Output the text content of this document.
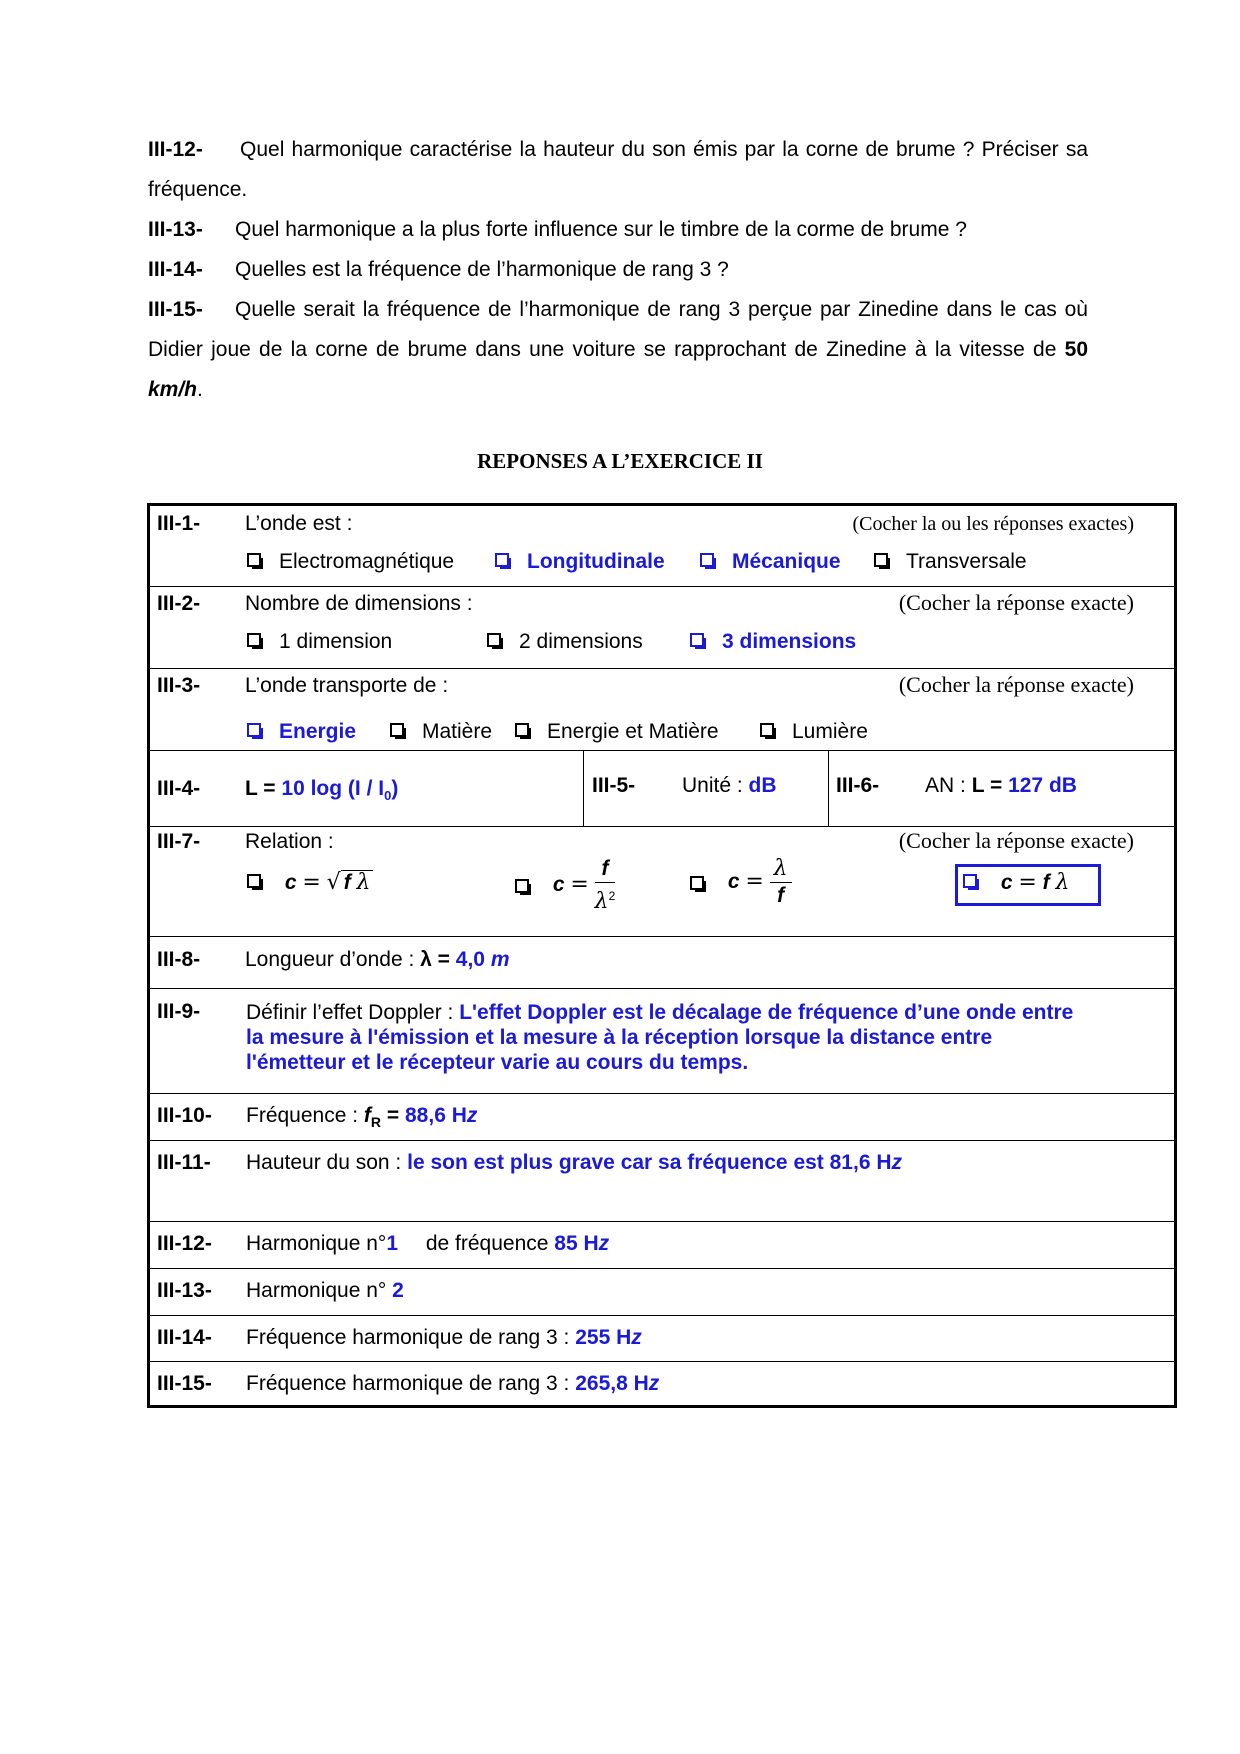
III-12- Quel harmonique caractérise la hauteur du son émis par la corne de brume ? Préciser sa fréquence.
III-13- Quel harmonique a la plus forte influence sur le timbre de la corme de brume ?
III-14- Quelles est la fréquence de l’harmonique de rang 3 ?
III-15- Quelle serait la fréquence de l’harmonique de rang 3 perçue par Zinedine dans le cas où Didier joue de la corne de brume dans une voiture se rapprochant de Zinedine à la vitesse de 50 km/h.
REPONSES A L’EXERCICE II
III-1- L’onde est :	(Cocher la ou les réponses exactes)
Electromagnétique	Longitudinale	Mécanique	Transversale
III-2- Nombre de dimensions :	(Cocher la réponse exacte)
1 dimension	2 dimensions	3 dimensions
III-3- L’onde transporte de :	(Cocher la réponse exacte)
Energie	Matière	Energie et Matière	Lumière
III-4- L = 10 $\log (I / I_0)$	III-5- Unité : dB	III-6- AN : L = 127 dB
III-7- Relation :	(Cocher la réponse exacte)
c = √ f λ	$c = \frac{f}{\lambda^2}$	$c = \frac{\lambda}{f}$	c = f λ
III-8- Longueur d’onde : λ = 4,0 m
III-9- Définir l’effet Doppler : L'effet Doppler est le décalage de fréquence d’une onde entre
la mesure à l'émission et la mesure à la réception lorsque la distance entre
l'émetteur et le récepteur varie au cours du temps.
III-10- Fréquence : $f_R = 88,6$ Hz
III-11- Hauteur du son : le son est plus grave car sa fréquence est 81,6 Hz
III-12- Harmonique n°1 de fréquence 85 Hz
III-13- Harmonique n° 2
III-14- Fréquence harmonique de rang 3 : 255 Hz
III-15- Fréquence harmonique de rang 3 : 265,8 Hz
